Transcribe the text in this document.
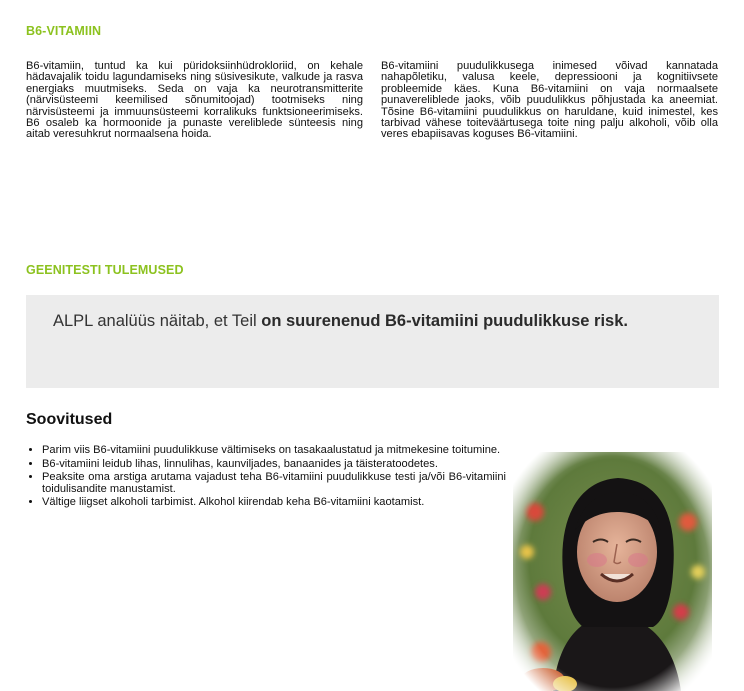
B6-VITAMIIN
B6-vitamiin, tuntud ka kui püridoksiinhüdrokloriid, on kehale hädavajalik toidu lagundamiseks ning süsivesikute, valkude ja rasva energiaks muutmiseks. Seda on vaja ka neurotransmitterite (närvisüsteemi keemilised sõnumitoojad) tootmiseks ning närvisüsteemi ja immuunsüsteemi korralikuks funktsioneerimiseks. B6 osaleb ka hormoonide ja punaste vereliblede sünteesis ning aitab veresuhkrut normaalsena hoida.
B6-vitamiini puudulikkusega inimesed võivad kannatada nahapõletiku, valusa keele, depressiooni ja kognitiivsete probleemide käes. Kuna B6-vitamiini on vaja normaalsete punavereliblede jaoks, võib puudulikkus põhjustada ka aneemiat. Tõsine B6-vitamiini puudulikkus on haruldane, kuid inimestel, kes tarbivad vähese toiteväärtusega toite ning palju alkoholi, võib olla veres ebapiisavas koguses B6-vitamiini.
GEENITESTI TULEMUSED
ALPL analüüs näitab, et Teil on suurenenud B6-vitamiini puudulikkuse risk.
Soovitused
• Parim viis B6-vitamiini puudulikkuse vältimiseks on tasakaalustatud ja mitmekesine toitumine.
• B6-vitamiini leidub lihas, linnulihas, kaunviljades, banaanides ja täisteratoodetes.
• Peaksite oma arstiga arutama vajadust teha B6-vitamiini puudulikkuse testi ja/või B6-vitamiini toidulisandite manustamist.
• Vältige liigset alkoholi tarbimist. Alkohol kiirendab keha B6-vitamiini kaotamist.
